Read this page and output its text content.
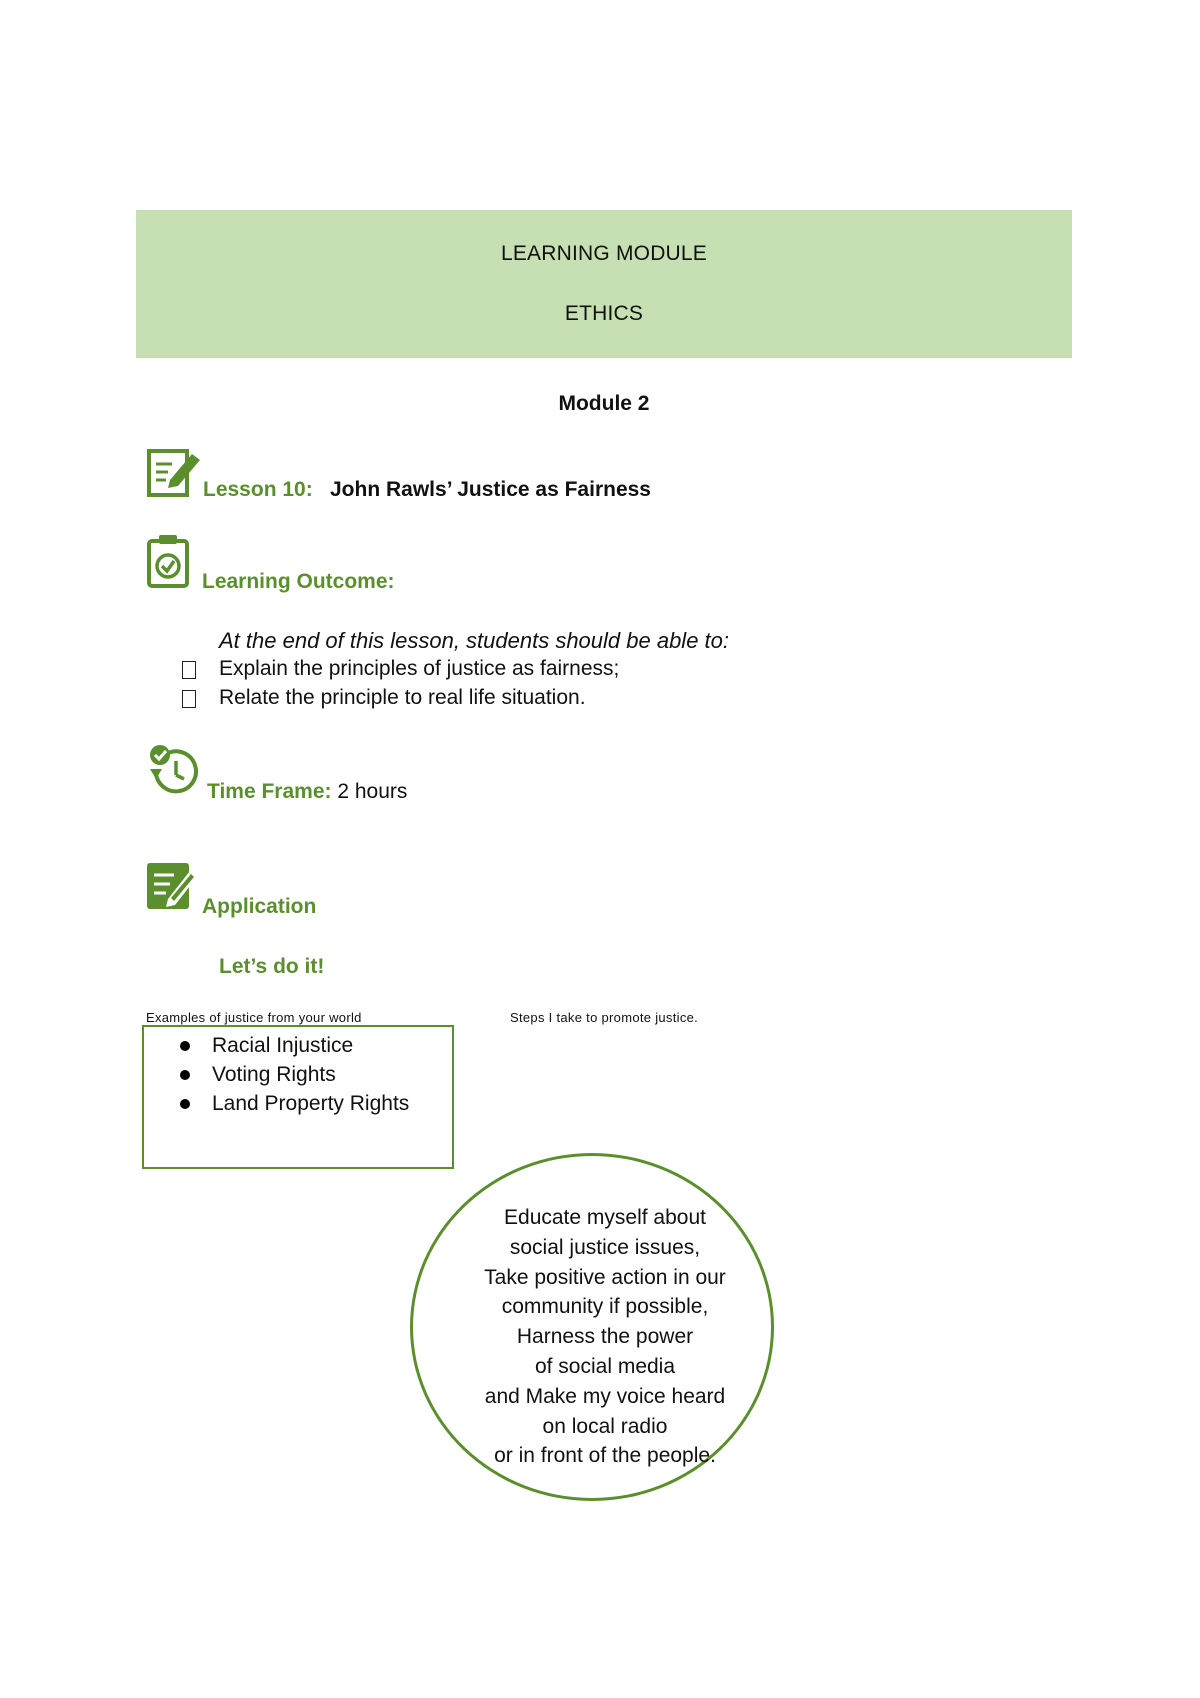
LEARNING MODULE
ETHICS
Module 2
Lesson 10: John Rawls’ Justice as Fairness
Learning Outcome:
At the end of this lesson, students should be able to:
Explain the principles of justice as fairness;
Relate the principle to real life situation.
Time Frame: 2 hours
Application
Let’s do it!
Examples of justice from your world	Steps I take to promote justice.
Racial Injustice
Voting Rights
Land Property Rights
Educate myself about
social justice issues,
Take positive action in our
community if possible,
Harness the power
of social media
and Make my voice heard
on local radio
or in front of the people.
